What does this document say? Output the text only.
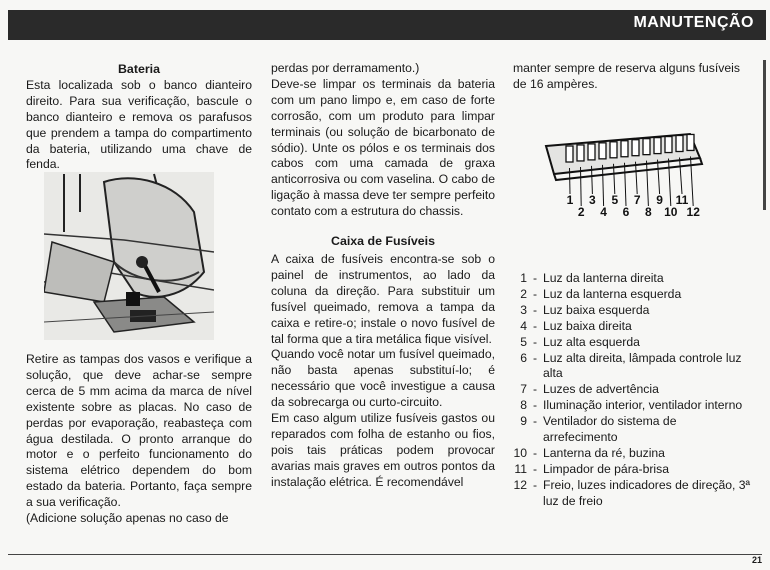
MANUTENÇÃO

Bateria

Esta localizada sob o banco dianteiro direito. Para sua verificação, bascule o banco dianteiro e remova os parafusos que prendem a tampa do compartimento da bateria, utilizando uma chave de fenda.

Retire as tampas dos vasos e verifique a solução, que deve achar-se sempre cerca de 5 mm acima da marca de nível existente sobre as placas. No caso de perdas por evaporação, reabasteça com água destilada. O pronto arranque do motor e o perfeito funcionamento do sistema elétrico dependem do bom estado da bateria. Portanto, faça sempre a sua verificação.

(Adicione solução apenas no caso de

perdas por derramamento.)

Deve-se limpar os terminais da bateria com um pano limpo e, em caso de forte corrosão, com um produto para limpar terminais (ou solução de bicarbonato de sódio). Unte os pólos e os terminais dos cabos com uma camada de graxa anticorrosiva ou com vaselina. O cabo de ligação à massa deve ter sempre perfeito contato com a estrutura do chassis.

Caixa de Fusíveis

A caixa de fusíveis encontra-se sob o painel de instrumentos, ao lado da coluna da direção. Para substituir um fusível queimado, remova a tampa da caixa e retire-o; instale o novo fusível de tal forma que a tira metálica fique visível.

Quando você notar um fusível queimado, não basta apenas substituí-lo; é necessário que você investigue a causa da sobrecarga ou curto-circuito.

Em caso algum utilize fusíveis gastos ou reparados com folha de estanho ou fios, pois tais práticas podem provocar avarias mais graves em outros pontos da instalação elétrica. É recomendável

manter sempre de reserva alguns fusíveis de 16 ampères.

1
2
3
4
5
6
7
8
9
10
11
12
1 - Luz da lanterna direita
2 - Luz da lanterna esquerda
3 - Luz baixa esquerda
4 - Luz baixa direita
5 - Luz alta esquerda
6 - Luz alta direita, lâmpada controle luz alta
7 - Luzes de advertência
8 - Iluminação interior, ventilador interno
9 - Ventilador do sistema de arrefecimento
10 - Lanterna da ré, buzina
11 - Limpador de pára-brisa
12 - Freio, luzes indicadores de direção, 3ª luz de freio
21
